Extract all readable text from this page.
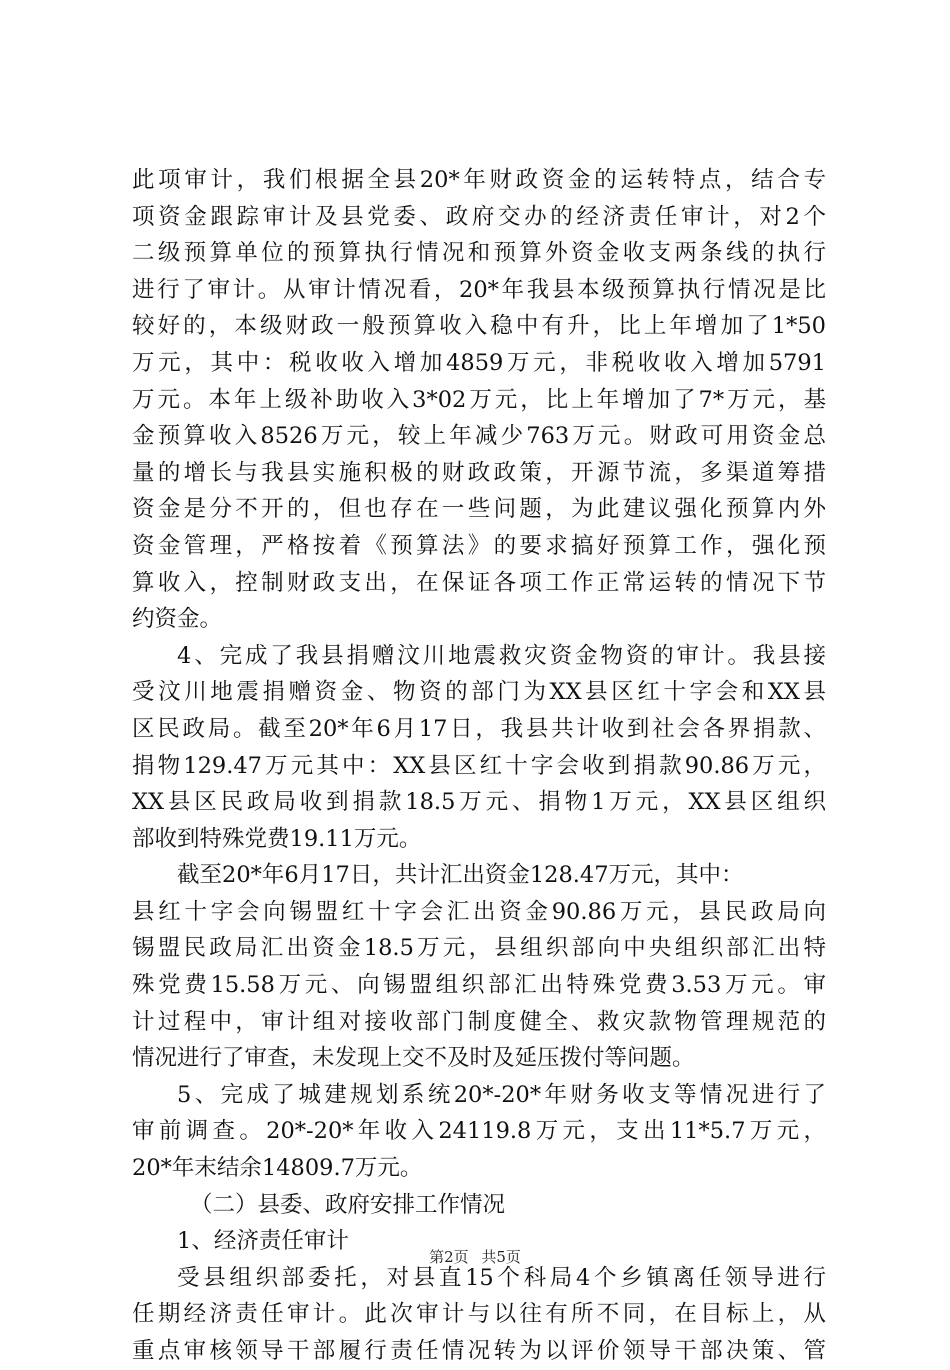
此项审计，我们根据全县20*年财政资金的运转特点，结合专
项资金跟踪审计及县党委、政府交办的经济责任审计，对2个
二级预算单位的预算执行情况和预算外资金收支两条线的执行
进行了审计。从审计情况看，20*年我县本级预算执行情况是比
较好的，本级财政一般预算收入稳中有升，比上年增加了1*50
万元，其中：税收收入增加4859万元，非税收收入增加5791
万元。本年上级补助收入3*02万元，比上年增加了7*万元，基
金预算收入8526万元，较上年减少763万元。财政可用资金总
量的增长与我县实施积极的财政政策，开源节流，多渠道筹措
资金是分不开的，但也存在一些问题，为此建议强化预算内外
资金管理，严格按着《预算法》的要求搞好预算工作，强化预
算收入，控制财政支出，在保证各项工作正常运转的情况下节
约资金。
4、完成了我县捐赠汶川地震救灾资金物资的审计。我县接
受汶川地震捐赠资金、物资的部门为XX县区红十字会和XX县
区民政局。截至20*年6月17日，我县共计收到社会各界捐款、
捐物129.47万元其中：XX县区红十字会收到捐款90.86万元，
XX县区民政局收到捐款18.5万元、捐物1万元，XX县区组织
部收到特殊党费19.11万元。
截至20*年6月17日，共计汇出资金128.47万元，其中：
县红十字会向锡盟红十字会汇出资金90.86万元，县民政局向
锡盟民政局汇出资金18.5万元，县组织部向中央组织部汇出特
殊党费15.58万元、向锡盟组织部汇出特殊党费3.53万元。审
计过程中，审计组对接收部门制度健全、救灾款物管理规范的
情况进行了审查，未发现上交不及时及延压拨付等问题。
5、完成了城建规划系统20*-20*年财务收支等情况进行了
审前调查。20*-20*年收入24119.8万元，支出11*5.7万元，
20*年末结余14809.7万元。
（二）县委、政府安排工作情况
1、经济责任审计
受县组织部委托，对县直15个科局4个乡镇离任领导进行
任期经济责任审计。此次审计与以往有所不同，在目标上，从
重点审核领导干部履行责任情况转为以评价领导干部决策、管
第2页 共5页
